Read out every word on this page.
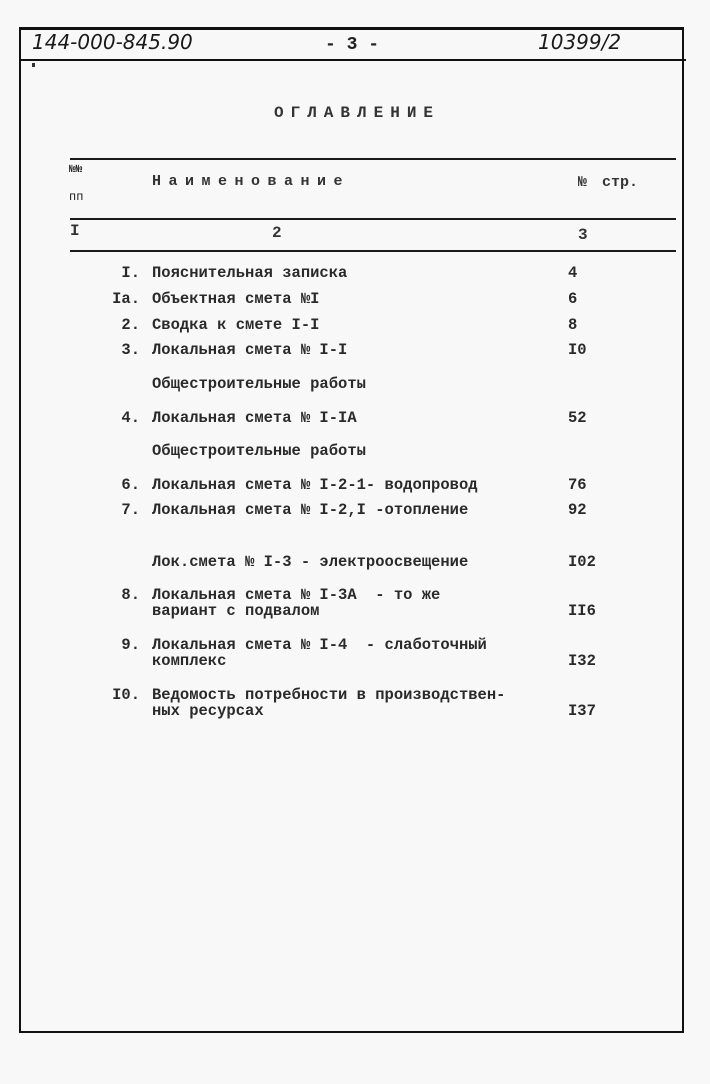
144-000-845.90	- 3 -	10399/2
ОГЛАВЛЕНИЕ
№№
пп
Наименование	№ стр.
I	2	3
I. Пояснительная записка	4
Iа. Объектная смета №I	6
2. Сводка к смете I-I	8
3. Локальная смета № I-I	I0
Общестроительные работы
4. Локальная смета № I-IА	52
Общестроительные работы
6. Локальная смета № I-2-1- водопровод	76
7. Локальная смета № I-2,I -отопление	92
Лок.смета № I-3 - электроосвещение	I02
8. Локальная смета № I-3А  - то же
вариант с подвалом	II6
9. Локальная смета № I-4  - слаботочный
комплекс	I32
I0. Ведомость потребности в производствен-
ных ресурсах	I37
